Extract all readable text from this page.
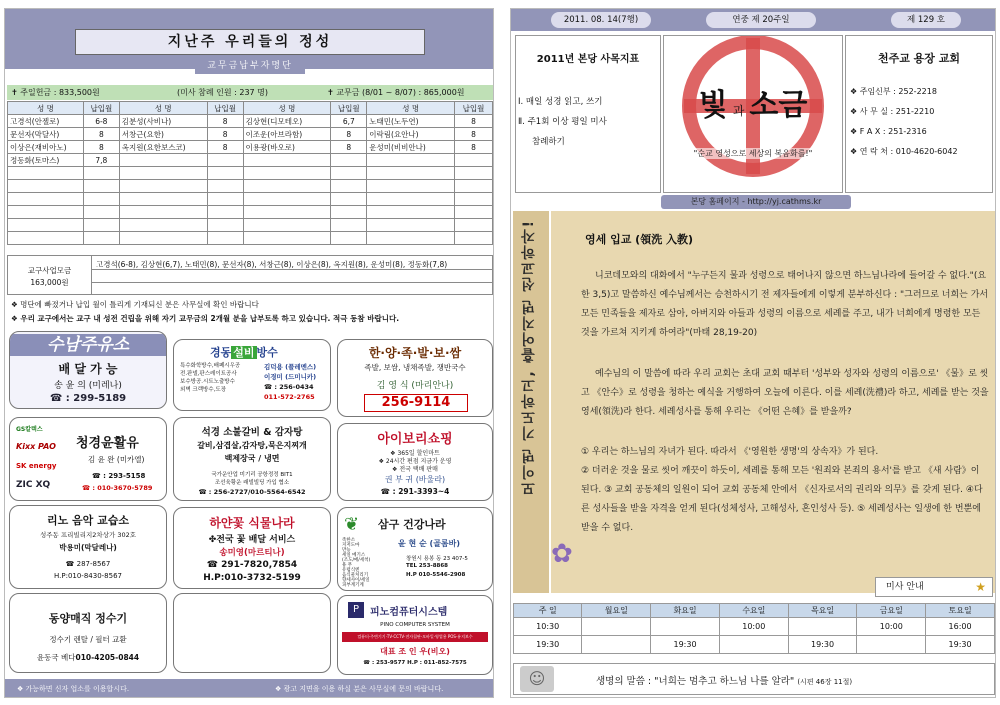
지난주 우리들의 정성
교무금납부자명단
✝ 주일헌금 : 833,500원	(미사 참례 인원 : 237 명)	✝ 교무금 (8/01 ~ 8/07) : 865,000원
성 명	납입월	성 명	납입월	성 명	납입월	성 명	납입월
고경석(안젤로)	6-8	김분성(사비나)	8	김상현(디모테오)	6,7	노태민(노두연)	8
문선자(막달사)	8	서창근(요한)	8	이조운(아브라함)	8	이락림(요안나)	8
이상은(재비아노)	8	옥지원(요한보스코)	8	이용광(바오로)	8	운성미(비비안나)	8
정동화(토마스)	7,8						

교구사업모금
163,000원
고경석(6-8), 김상현(6,7), 노태민(8), 문선자(8), 서창근(8), 이상은(8), 옥지원(8), 운성미(8), 정동화(7,8)
❖ 명단에 빠졌거나 납입 월이 틀리게 기재되신 분은 사무실에 확인 바랍니다
❖ 우리 교구에서는 교구 내 성전 건립을 위해 자기 교무금의 2개월 분을 납부토록 하고 있습니다. 적극 동참 바랍니다.
수남주유소
배 달 가 능
송 윤 의 (미레나)
☎ : 299-5189
경동 설비 방수
특수화학방수,배폐시우공
전.판넬,판스레이트공사
보수방공.시트노출방수
외벽 크랙방수,도장
김덕용 (플레멘스)
이경미 (드미니카)
☎ : 256-0434
011-572-2765
한·양·족·발·보·쌈
족발, 보쌈, 냉채족발, 쟁반국수
김 영 식 (마리안나)
256-9114
GS칼텍스
Kixx PAO
SK energy
ZIC XQ
청경윤활유
김 윤 완 (미카엘)
☎ : 293-5158
☎ : 010-3670-5789
석경 소불갈비 & 감자탕
갈비,삼겹살,감자탕,묵은지찌개
백제장국 / 냉면
국가운안업 미기리 공항정정 BIT1
조선육황운 래빌빌딩 가입 협소
☎ : 256-2727/010-5564-6542
아이보리쇼핑
❖ 365일 할인마트
❖ 24시간 편점 지금가 운영
❖ 전국 택배 판매
권 부 귀 (바울라)
☎ : 291-3393~4
리노 음악 교습소
성주동 프리빌리지2차상가 302호
박용미(막달레나)
☎ 287-8567
H.P:010-8430-8567
하얀꽃 식물나라
✤전국 꽃 배달 서비스
송미영(마르티나)
☎ 291-7820,7854
H.P:010-3732-5199
❦ 삼구 건강나라
족한소
지저도마
만능
세일 메기스
(조도/메/세척)
용 무
유럽식엔
음식물처리기
향세사이/세일
피부계기계
윤 현 순 (골롬바)
창원시 용봉 동 23 407-5
TEL 253-8868
H.P 010-5546-2908
동양매직 정수기
정수기 렌탈 / 필터 교환
윤동국 베다010-4205-0844
P	피노컴퓨터시스템
PINO COMPUTER SYSTEM
컴퓨터·주변기기·TV·CCTV·전자칠판·모바일·영업용 POS·유지보수
대표 조 인 우(비오)
☎ : 253-9577 H.P : 011-852-7575
❖ 가능하면 신자 업소를 이용합시다.	❖ 광고 지면을 이용 하실 분은 사무실에 문의 바랍니다.
2011. 08. 14(7행)	연중 제 20주일	제 129 호
2011년 본당 사목지표
Ⅰ. 매일 성경 읽고, 쓰기
Ⅱ. 주1회 이상 평일 미사
참례하기
빛 과 소금
"순교 영성으로 세상의 복음화를!"
천주교 용장 교회
❖ 주임신부 : 252-2218
❖ 사 무 실 : 251-2210
❖ F A X : 251-2316
❖ 연 락 처 : 010-4620-6042
본당 홈페이지 - http://yj.cathms.kr
모이면 기도하고, 흩어지면 선교하자!	영세 입교 (領洗 入教)
니코데모와의 대화에서 "누구든지 물과 성령으로 태어나지 않으면 하느님나라에 들어갈 수 없다."(요한 3,5)고 말씀하신 예수님께서는 승천하시기 전 제자들에게 이렇게 분부하신다 : "그러므로 너희는 가서 모든 민족들을 제자로 삼아, 아버지와 아들과 성령의 이름으로 세례를 주고, 내가 너희에게 명령한 모든 것을 가르쳐 지키게 하여라"(마태 28,19-20)
예수님의 이 말씀에 따라 우리 교회는 초대 교회 때부터 '성부와 성자와 성령의 이름으로' 《물》로 씻고 《안수》로 성령을 청하는 예식을 거행하여 오늘에 이른다. 이를 세례(洗禮)라 하고, 세례를 받는 것을 영세(領洗)라 한다. 세례성사를 통해 우리는 《어떤 은혜》를 받을까?
① 우리는 하느님의 자녀가 된다. 따라서 《'영원한 생명'의 상속자》가 된다.
② 더러운 것을 물로 씻어 깨끗이 하듯이, 세례를 통해 모든 '원죄와 본죄의 용서'를 받고 《새 사람》이 된다. ③ 교회 공동체의 일원이 되어 교회 공동체 안에서 《신자로서의 권리와 의무》를 갖게 된다. ④다른 성사들을 받을 자격을 얻게 된다(성체성사, 고해성사, 혼인성사 등). ⑤ 세례성사는 일생에 한 번뿐에 받을 수 없다.
✿
미사 안내	★
주 일	월요일	화요일	수요일	목요일	금요일	토요일
10:30			10:00		10:00	16:00
19:30		19:30		19:30		19:30
☺	생명의 말씀 : "너희는 멈추고 하느님 나를 알라" (시편 46장 11절)
